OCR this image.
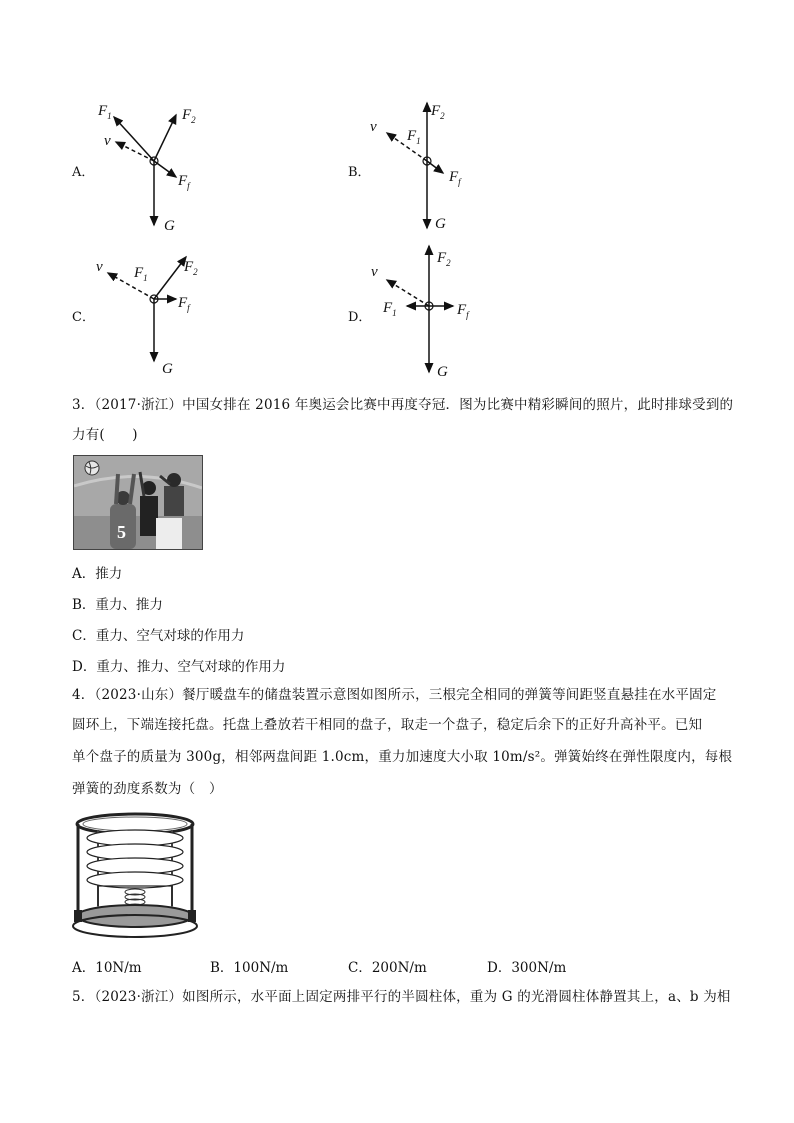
A．
$F_1$	$F_2$
v
$F_f$
G
B．
$F_2$
$F_1$
v
$F_f$
G
C．
v $F_1$
$F_2$
$F_f$
G
D．
$F_2$
v
$F_1$	$F_f$
G
3．（2017·浙江）中国女排在 2016 年奥运会比赛中再度夺冠．图为比赛中精彩瞬间的照片，此时排球受到的
力有(　　)
5
A．推力
B．重力、推力
C．重力、空气对球的作用力
D．重力、推力、空气对球的作用力
4．（2023·山东）餐厅暖盘车的储盘装置示意图如图所示，三根完全相同的弹簧等间距竖直悬挂在水平固定
圆环上，下端连接托盘。托盘上叠放若干相同的盘子，取走一个盘子，稳定后余下的正好升高补平。已知
单个盘子的质量为 300g，相邻两盘间距 1.0cm，重力加速度大小取 10m/s²。弹簧始终在弹性限度内，每根
弹簧的劲度系数为（　）
A．10N/m	B．100N/m	C．200N/m	D．300N/m
5．（2023·浙江）如图所示，水平面上固定两排平行的半圆柱体，重为 G 的光滑圆柱体静置其上，a、b 为相
